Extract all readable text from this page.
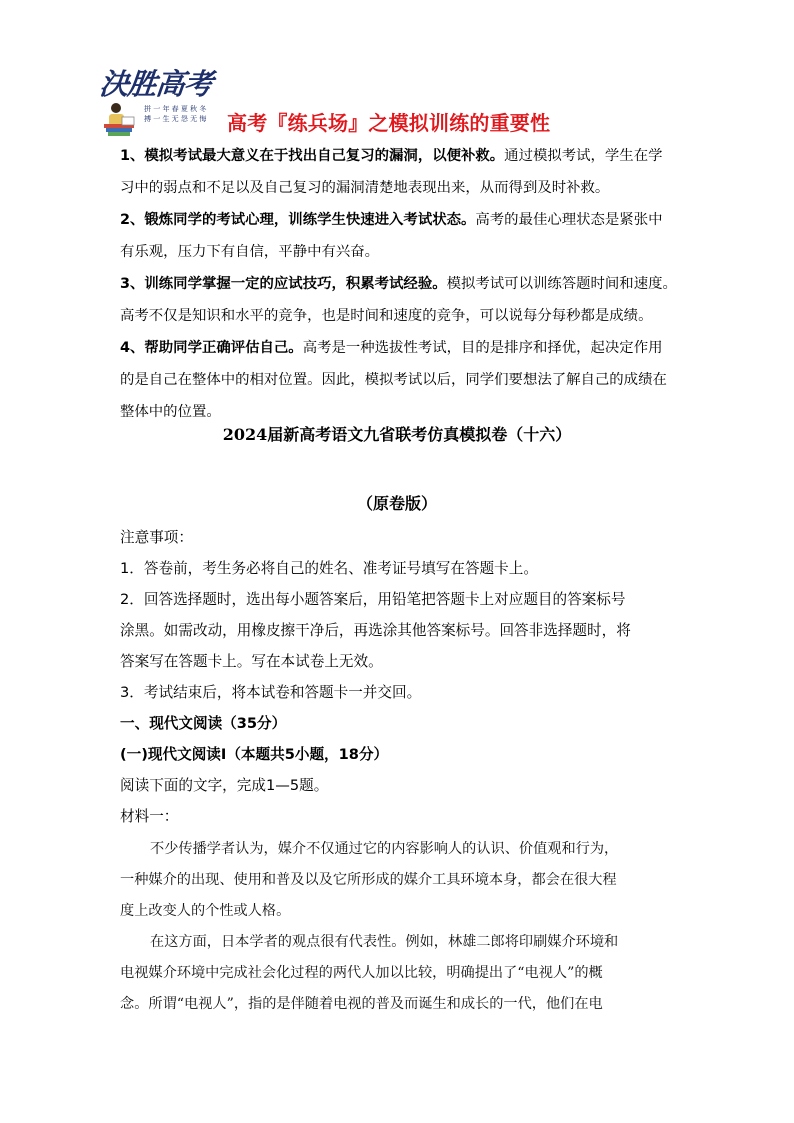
決胜高考
拼 一 年 春 夏 秋 冬
搏 一 生 无 怨 无 悔 高考『练兵场』之模拟训练的重要性
1、模拟考试最大意义在于找出自己复习的漏洞，以便补救。通过模拟考试，学生在学
习中的弱点和不足以及自己复习的漏洞清楚地表现出来，从而得到及时补救。
2、锻炼同学的考试心理，训练学生快速进入考试状态。高考的最佳心理状态是紧张中
有乐观，压力下有自信，平静中有兴奋。
3、训练同学掌握一定的应试技巧，积累考试经验。模拟考试可以训练答题时间和速度。
高考不仅是知识和水平的竞争，也是时间和速度的竞争，可以说每分每秒都是成绩。
4、帮助同学正确评估自己。高考是一种选拔性考试，目的是排序和择优，起决定作用
的是自己在整体中的相对位置。因此，模拟考试以后，同学们要想法了解自己的成绩在
整体中的位置。
2024届新高考语文九省联考仿真模拟卷（十六）
（原卷版）
注意事项：
1．答卷前，考生务必将自己的姓名、准考证号填写在答题卡上。
2．回答选择题时，选出每小题答案后，用铅笔把答题卡上对应题目的答案标号
涂黑。如需改动，用橡皮擦干净后，再选涂其他答案标号。回答非选择题时，将
答案写在答题卡上。写在本试卷上无效。
3．考试结束后，将本试卷和答题卡一并交回。
一、现代文阅读（35分）
(一)现代文阅读Ⅰ（本题共5小题，18分）
阅读下面的文字，完成1—5题。
材料一：
不少传播学者认为，媒介不仅通过它的内容影响人的认识、价值观和行为，
一种媒介的出现、使用和普及以及它所形成的媒介工具环境本身，都会在很大程
度上改变人的个性或人格。
在这方面，日本学者的观点很有代表性。例如，林雄二郎将印刷媒介环境和
电视媒介环境中完成社会化过程的两代人加以比较，明确提出了“电视人”的概
念。所谓“电视人”，指的是伴随着电视的普及而诞生和成长的一代，他们在电
